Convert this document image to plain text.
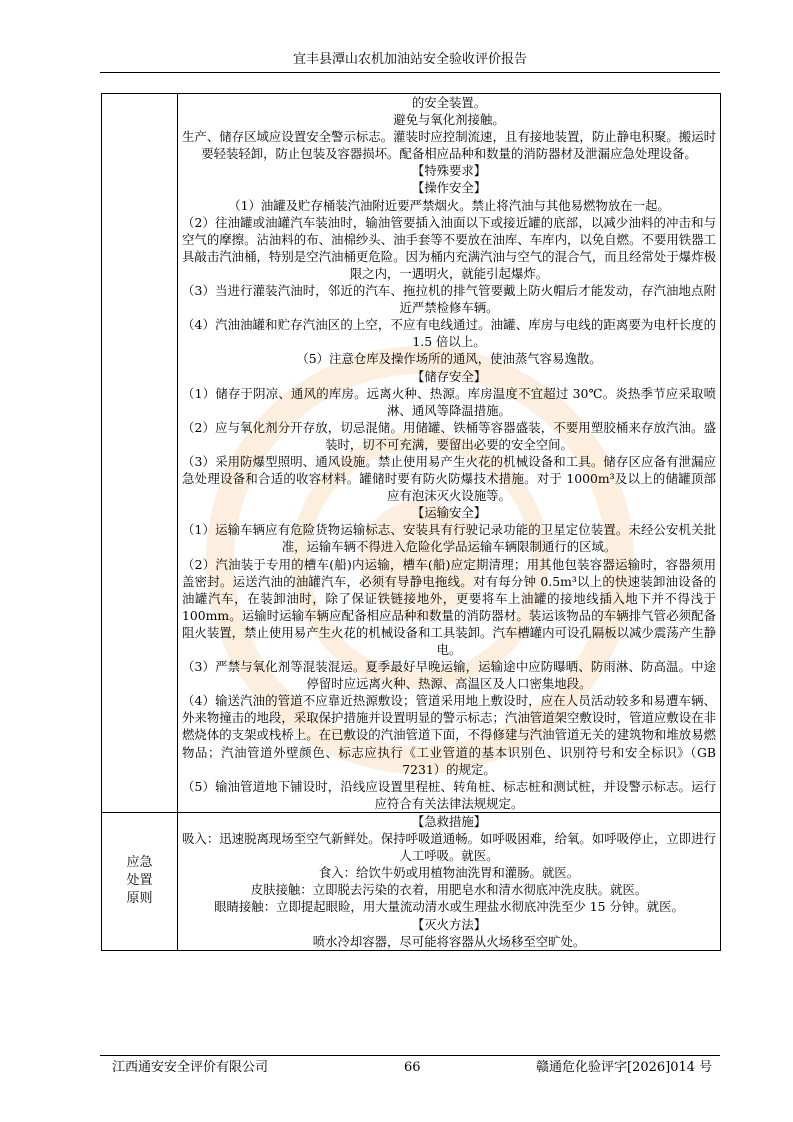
宜丰县潭山农机加油站安全验收评价报告

的安全装置。

避免与氧化剂接触。

生产、储存区域应设置安全警示标志。灌装时应控制流速，且有接地装置，防止静电积聚。搬运时要轻装轻卸，防止包装及容器损坏。配备相应品种和数量的消防器材及泄漏应急处理设备。

【特殊要求】

【操作安全】

（1）油罐及贮存桶装汽油附近要严禁烟火。禁止将汽油与其他易燃物放在一起。

（2）往油罐或油罐汽车装油时，输油管要插入油面以下或接近罐的底部，以减少油料的冲击和与空气的摩擦。沾油料的布、油棉纱头、油手套等不要放在油库、车库内，以免自燃。不要用铁器工具敲击汽油桶，特别是空汽油桶更危险。因为桶内充满汽油与空气的混合气，而且经常处于爆炸极限之内，一遇明火，就能引起爆炸。

（3）当进行灌装汽油时，邻近的汽车、拖拉机的排气管要戴上防火帽后才能发动，存汽油地点附近严禁检修车辆。

（4）汽油油罐和贮存汽油区的上空，不应有电线通过。油罐、库房与电线的距离要为电杆长度的 1.5 倍以上。

（5）注意仓库及操作场所的通风，使油蒸气容易逸散。

【储存安全】

（1）储存于阴凉、通风的库房。远离火种、热源。库房温度不宜超过 30℃。炎热季节应采取喷淋、通风等降温措施。

（2）应与氧化剂分开存放，切忌混储。用储罐、铁桶等容器盛装，不要用塑胶桶来存放汽油。盛装时，切不可充满，要留出必要的安全空间。

（3）采用防爆型照明、通风设施。禁止使用易产生火花的机械设备和工具。储存区应备有泄漏应急处理设备和合适的收容材料。罐储时要有防火防爆技术措施。对于 1000m³及以上的储罐顶部应有泡沫灭火设施等。

【运输安全】

（1）运输车辆应有危险货物运输标志、安装具有行驶记录功能的卫星定位装置。未经公安机关批准，运输车辆不得进入危险化学品运输车辆限制通行的区域。

（2）汽油装于专用的槽车(船)内运输，槽车(船)应定期清理；用其他包装容器运输时，容器须用盖密封。运送汽油的油罐汽车，必须有导静电拖线。对有每分钟 0.5m³以上的快速装卸油设备的油罐汽车，在装卸油时，除了保证铁链接地外，更要将车上油罐的接地线插入地下并不得浅于 100mm。运输时运输车辆应配备相应品种和数量的消防器材。装运该物品的车辆排气管必须配备阻火装置，禁止使用易产生火花的机械设备和工具装卸。汽车槽罐内可设孔隔板以减少震荡产生静电。

（3）严禁与氧化剂等混装混运。夏季最好早晚运输，运输途中应防曝晒、防雨淋、防高温。中途停留时应远离火种、热源、高温区及人口密集地段。

（4）输送汽油的管道不应靠近热源敷设；管道采用地上敷设时，应在人员活动较多和易遭车辆、外来物撞击的地段，采取保护措施并设置明显的警示标志；汽油管道架空敷设时，管道应敷设在非燃烧体的支架或栈桥上。在已敷设的汽油管道下面，不得修建与汽油管道无关的建筑物和堆放易燃物品；汽油管道外壁颜色、标志应执行《工业管道的基本识别色、识别符号和安全标识》（GB 7231）的规定。

（5）输油管道地下铺设时，沿线应设置里程桩、转角桩、标志桩和测试桩，并设警示标志。运行应符合有关法律法规规定。

应急处置原则

【急救措施】

吸入：迅速脱离现场至空气新鲜处。保持呼吸道通畅。如呼吸困难，给氧。如呼吸停止，立即进行人工呼吸。就医。

食入：给饮牛奶或用植物油洗胃和灌肠。就医。

皮肤接触：立即脱去污染的衣着，用肥皂水和清水彻底冲洗皮肤。就医。

眼睛接触：立即提起眼睑，用大量流动清水或生理盐水彻底冲洗至少 15 分钟。就医。

【灭火方法】

喷水冷却容器，尽可能将容器从火场移至空旷处。

江西通安安全评价有限公司	66	赣通危化验评字[2026]014 号
